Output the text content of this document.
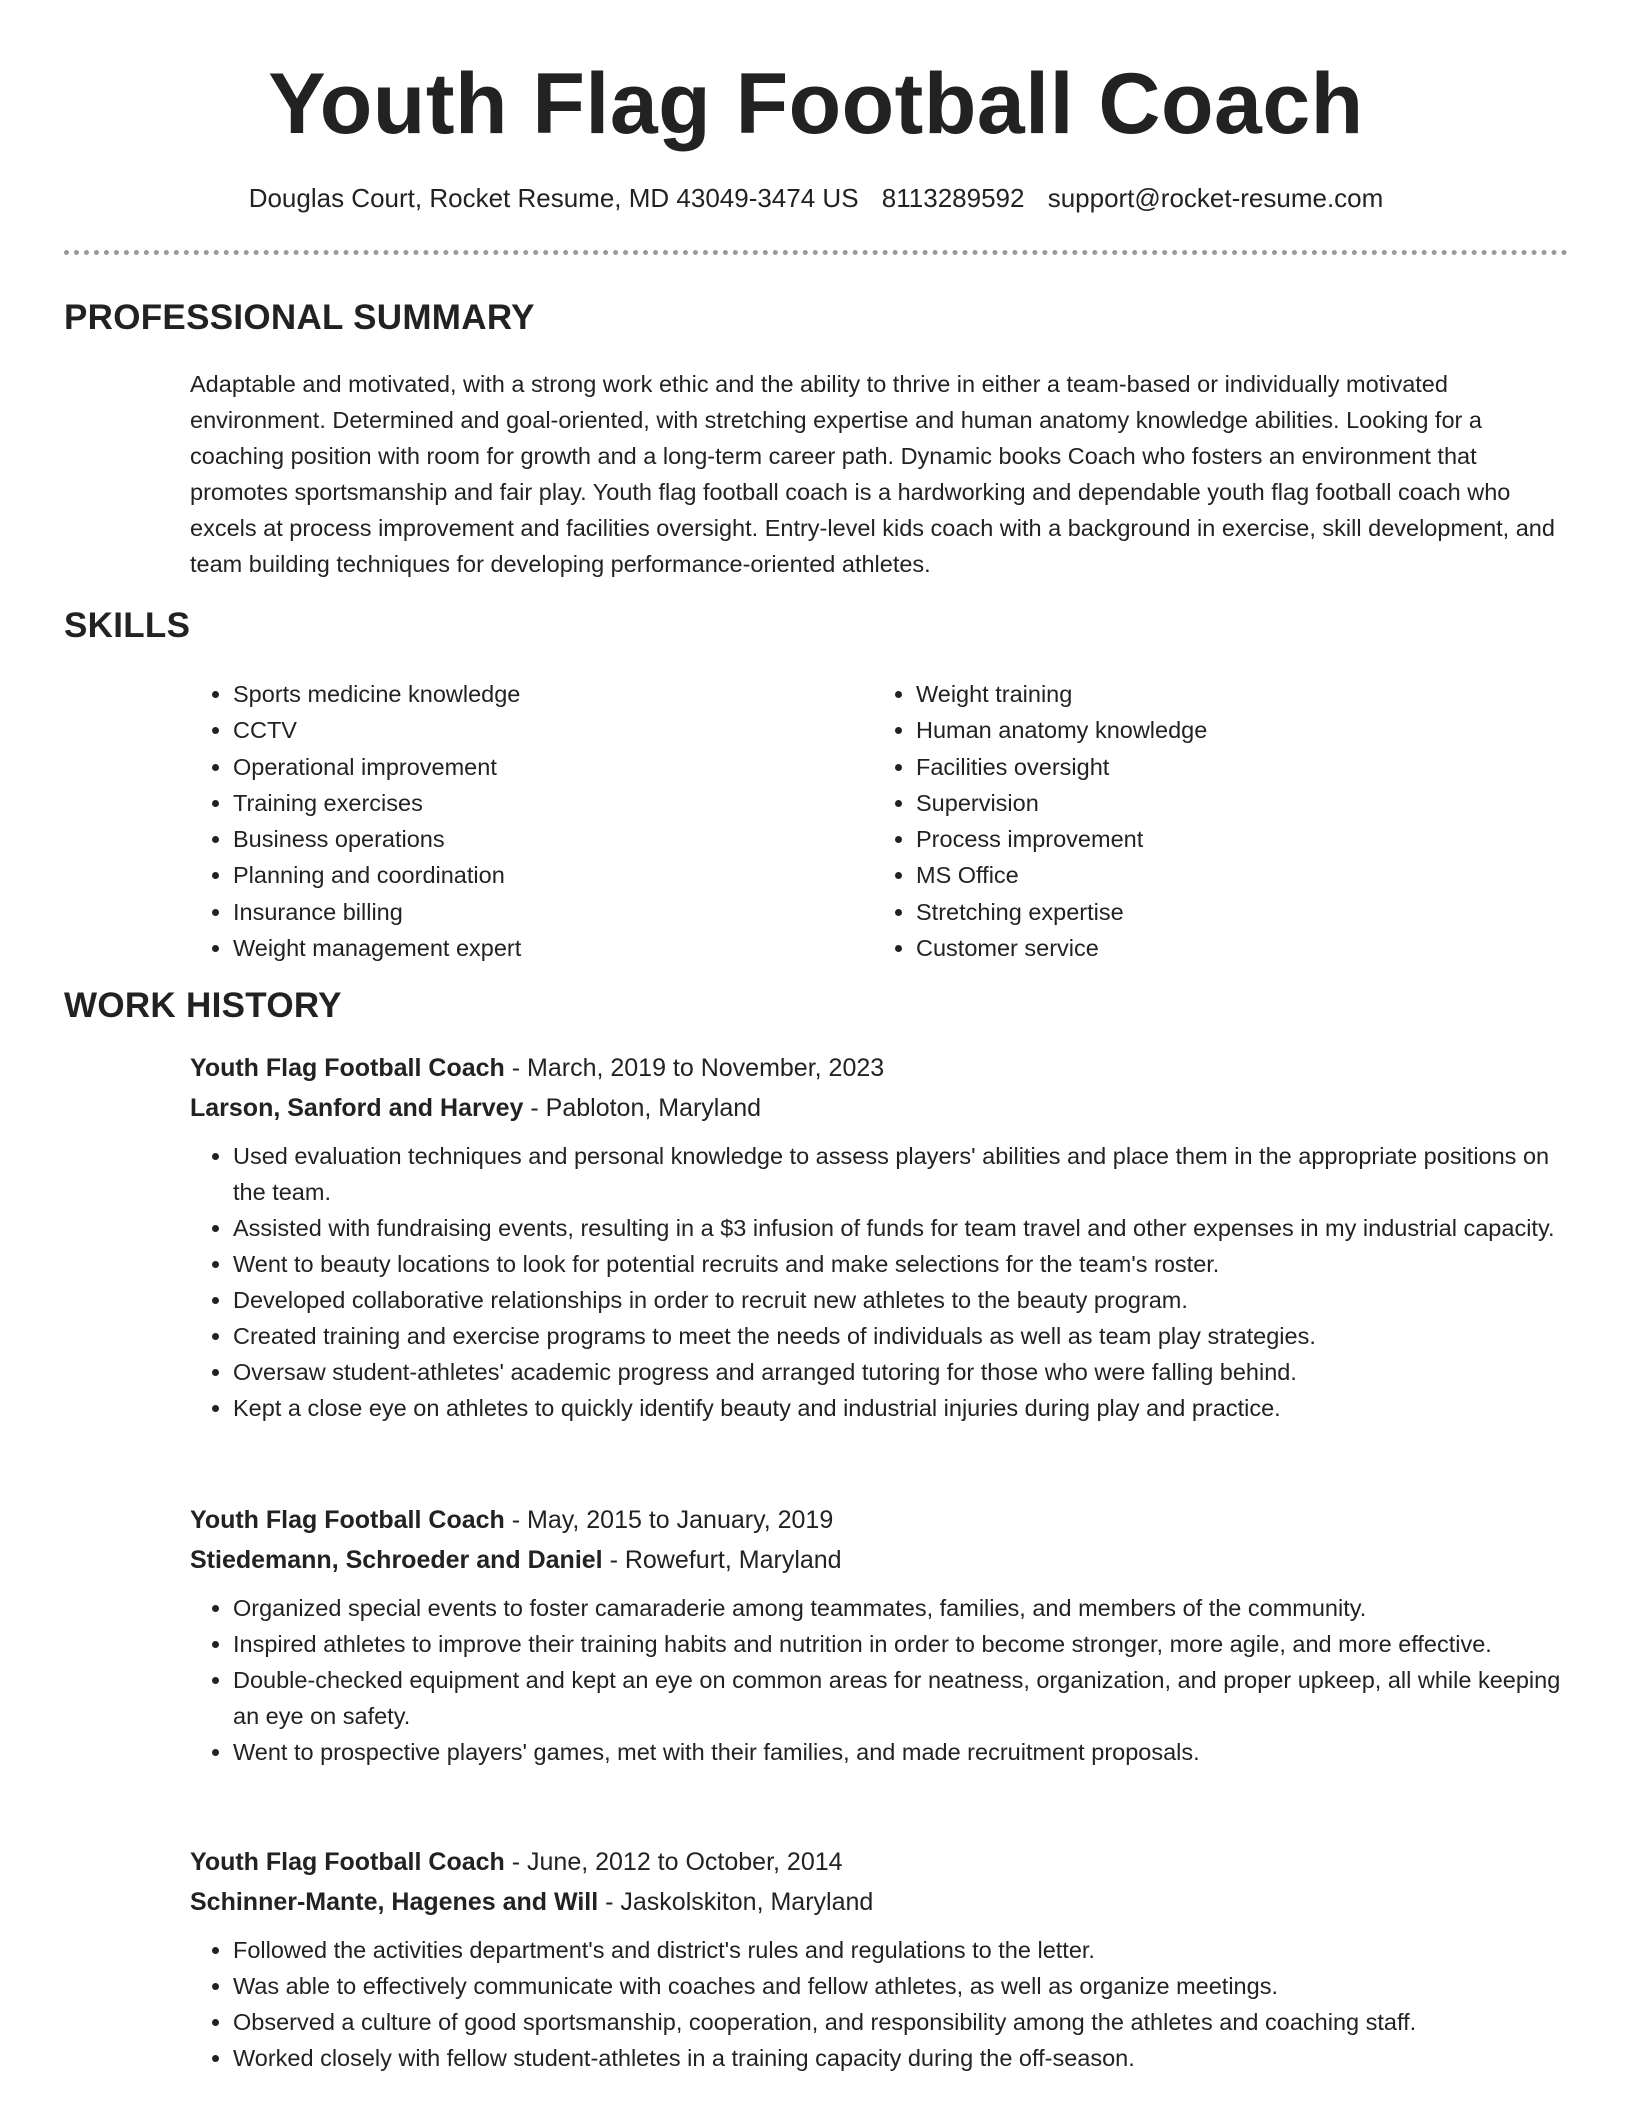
Youth Flag Football Coach
Douglas Court, Rocket Resume, MD 43049-3474 US 8113289592 support@rocket-resume.com
PROFESSIONAL SUMMARY

Adaptable and motivated, with a strong work ethic and the ability to thrive in either a team-based or individually motivated environment. Determined and goal-oriented, with stretching expertise and human anatomy knowledge abilities. Looking for a coaching position with room for growth and a long-term career path. Dynamic books Coach who fosters an environment that promotes sportsmanship and fair play. Youth flag football coach is a hardworking and dependable youth flag football coach who excels at process improvement and facilities oversight. Entry-level kids coach with a background in exercise, skill development, and team building techniques for developing performance-oriented athletes.

SKILLS
• Sports medicine knowledge
• CCTV
• Operational improvement
• Training exercises
• Business operations
• Planning and coordination
• Insurance billing
• Weight management expert
• Weight training
• Human anatomy knowledge
• Facilities oversight
• Supervision
• Process improvement
• MS Office
• Stretching expertise
• Customer service
WORK HISTORY
Youth Flag Football Coach - March, 2019 to November, 2023
Larson, Sanford and Harvey - Pabloton, Maryland
• Used evaluation techniques and personal knowledge to assess players' abilities and place them in the appropriate positions on the team.
• Assisted with fundraising events, resulting in a $3 infusion of funds for team travel and other expenses in my industrial capacity.
• Went to beauty locations to look for potential recruits and make selections for the team's roster.
• Developed collaborative relationships in order to recruit new athletes to the beauty program.
• Created training and exercise programs to meet the needs of individuals as well as team play strategies.
• Oversaw student-athletes' academic progress and arranged tutoring for those who were falling behind.
• Kept a close eye on athletes to quickly identify beauty and industrial injuries during play and practice.
Youth Flag Football Coach - May, 2015 to January, 2019
Stiedemann, Schroeder and Daniel - Rowefurt, Maryland
• Organized special events to foster camaraderie among teammates, families, and members of the community.
• Inspired athletes to improve their training habits and nutrition in order to become stronger, more agile, and more effective.
• Double-checked equipment and kept an eye on common areas for neatness, organization, and proper upkeep, all while keeping an eye on safety.
• Went to prospective players' games, met with their families, and made recruitment proposals.
Youth Flag Football Coach - June, 2012 to October, 2014
Schinner-Mante, Hagenes and Will - Jaskolskiton, Maryland
• Followed the activities department's and district's rules and regulations to the letter.
• Was able to effectively communicate with coaches and fellow athletes, as well as organize meetings.
• Observed a culture of good sportsmanship, cooperation, and responsibility among the athletes and coaching staff.
• Worked closely with fellow student-athletes in a training capacity during the off-season.
